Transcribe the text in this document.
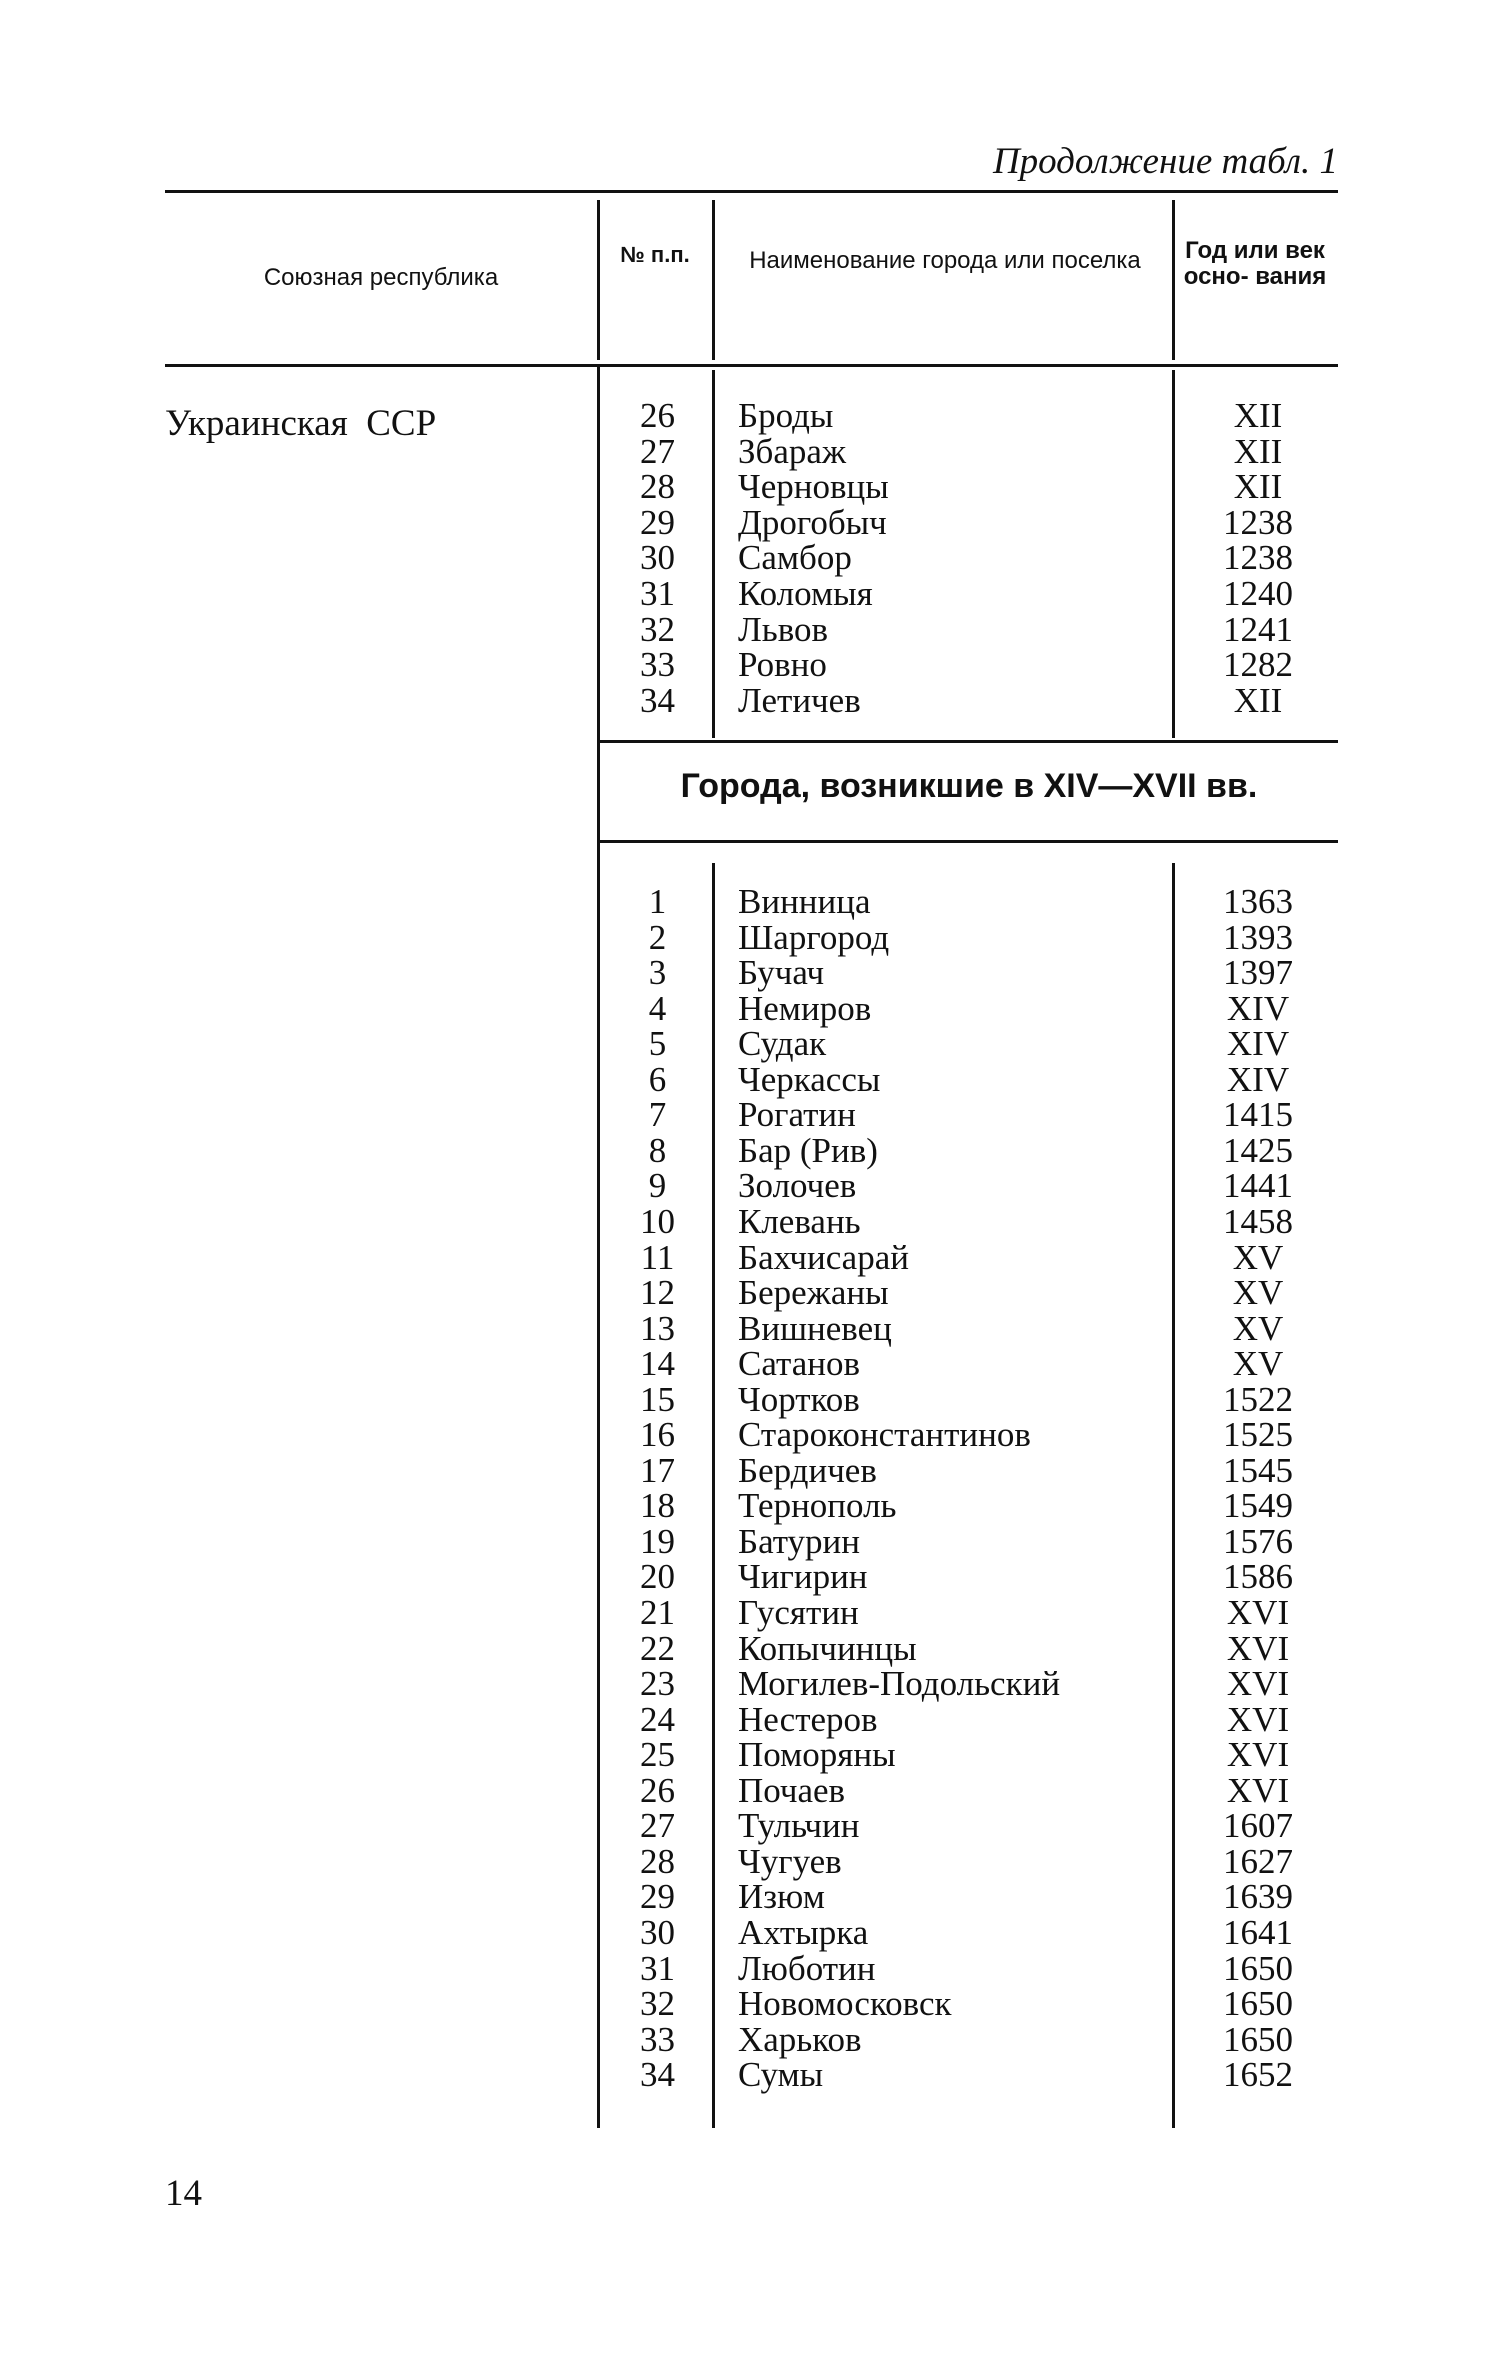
Продолжение табл. 1
Союзная республика
№ п.п.	Наименование города или поселка	Год или век осно- вания
Украинская  ССР	26	Броды	XII
27	Збараж	XII
28	Черновцы	XII
29	Дрогобыч	1238
30	Самбор	1238
31	Коломыя	1240
32	Львов	1241
33	Ровно	1282
34	Летичев	XII
Города, возникшие в XIV—XVII вв.
1	Винница	1363
2	Шаргород	1393
3	Бучач	1397
4	Немиров	XIV
5	Судак	XIV
6	Черкассы	XIV
7	Рогатин	1415
8	Бар (Рив)	1425
9	Золочев	1441
10	Клевань	1458
11	Бахчисарай	XV
12	Бережаны	XV
13	Вишневец	XV
14	Сатанов	XV
15	Чортков	1522
16	Староконстантинов	1525
17	Бердичев	1545
18	Тернополь	1549
19	Батурин	1576
20	Чигирин	1586
21	Гусятин	XVI
22	Копычинцы	XVI
23	Могилев-Подольский	XVI
24	Нестеров	XVI
25	Поморяны	XVI
26	Почаев	XVI
27	Тульчин	1607
28	Чугуев	1627
29	Изюм	1639
30	Ахтырка	1641
31	Люботин	1650
32	Новомосковск	1650
33	Харьков	1650
34	Сумы	1652
14
